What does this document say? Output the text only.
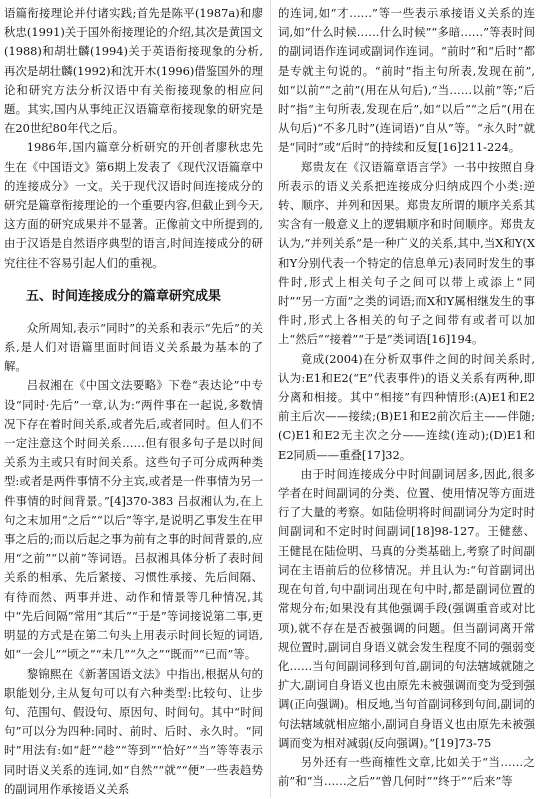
语篇衔接理论并付诸实践;首先是陈平(1987a)和廖秋忠(1991)关于国外衔接理论的介绍,其次是黄国文(1988)和胡壮麟(1994)关于英语衔接现象的分析,再次是胡壮麟(1992)和沈开木(1996)借鉴国外的理论和研究方法分析汉语中有关衔接现象的相应问题。其实,国内从事纯正汉语篇章衔接现象的研究是在20世纪80年代之后。

1986年,国内篇章分析研究的开创者廖秋忠先生在《中国语文》第6期上发表了《现代汉语篇章中的连接成分》一文。关于现代汉语时间连接成分的研究是篇章衔接理论的一个重要内容,但截止到今天,这方面的研究成果并不显著。正像前文中所提到的,由于汉语是自然语序典型的语言,时间连接成分的研究往往不容易引起人们的重视。

五、时间连接成分的篇章研究成果

众所周知,表示“同时”的关系和表示“先后”的关系,是人们对语篇里面时间语义关系最为基本的了解。

吕叔湘在《中国文法要略》下卷“表达论”中专设“同时·先后”一章,认为:“两件事在一起说,多数情况下存在着时间关系,或者先后,或者同时。但人们不一定注意这个时间关系……但有很多句子是以时间关系为主或只有时间关系。这些句子可分成两种类型:或者是两件事情不分主宾,或者是一件事情为另一件事情的时间背景。”[4]370-383 吕叔湘认为,在上句之末加用“之后”“以后”等字,是说明乙事发生在甲事之后的;而以后起之事为前有之事的时间背景的,应用“之前”“以前”等词语。吕叔湘具体分析了表时间关系的相承、先后紧接、习惯性承接、先后间隔、有待而然、两事并进、动作和情景等几种情况,其中“先后间隔”常用“其后”“于是”等词接说第二事,更明显的方式是在第二句头上用表示时间长短的词语,如“一会儿”“顷之”“未几”“久之”“既而”“已而”等。

黎锦熙在《新著国语文法》中指出,根据从句的职能划分,主从复句可以有六种类型:比较句、让步句、范围句、假设句、原因句、时间句。其中“时间句”可以分为四种:同时、前时、后时、永久时。“同时”用法有:如“赶”“趁”“等到”“恰好”“当”等等表示同时语义关系的连词,如“自然”“就”“便”一些表趋势的副词用作承接语义关系

的连词,如“才……”等一些表示承接语义关系的连词,如“什么时候……什么时候”“多暗……”等表时间的副词语作连词或副词作连词。“前时”和“后时”都是专就主句说的。“前时”指主句所表,发现在前”,如“以前”“之前”(用在从句后),“当……以前”等;“后时”指“主句所表,发现在后”,如“以后”“之后”(用在从句后)“不多几时”(连词语)“自从”等。“永久时”就是“同时”或“后时”的持续和反复[16]211-224。

郑贵友在《汉语篇章语言学》一书中按照自身所表示的语义关系把连接成分归纳成四个小类:逆转、顺序、并列和因果。郑贵友所谓的顺序关系其实含有一般意义上的逻辑顺序和时间顺序。郑贵友认为,“并列关系”是一种广义的关系,其中,当X和Y(X和Y分别代表一个特定的信息单元)表同时发生的事件时,形式上相关句子之间可以带上或添上“同时”“另一方面”之类的词语;而X和Y属相继发生的事件时,形式上各相关的句子之间带有或者可以加上“然后”“接着”“于是”类词语[16]194。

竟成(2004)在分析双事件之间的时间关系时,认为:E1和E2(“E”代表事件)的语义关系有两种,即分离和相接。其中“相接”有四种情形:(A)E1和E2前主后次——接续;(B)E1和E2前次后主——伴随;(C)E1和E2无主次之分——连续(连动);(D)E1和E2同质——重叠[17]32。

由于时间连接成分中时间副词居多,因此,很多学者在时间副词的分类、位置、使用情况等方面进行了大量的考察。如陆俭明将时间副词分为定时时间副词和不定时时间副词[18]98-127。王健慈、王健昆在陆俭明、马真的分类基础上,考察了时间副词在主语前后的位移情况。并且认为:“句首副词出现在句首,句中副词出现在句中时,都是副词位置的常规分布;如果没有其他强调手段(强调重音或对比项),就不存在是否被强调的问题。但当副词离开常规位置时,副词自身语义就会发生程度不同的强弱变化……当句间副词移到句首,副词的句法辖域就随之扩大,副词自身语义也由原先未被强调而变为受到强调(正向强调)。相反地,当句首副词移到句间,副词的句法辖域就相应缩小,副词自身语义也由原先未被强调而变为相对减弱(反向强调)。”[19]73-75

另外还有一些商榷性文章,比如关于“当……之前”和“当……之后”“曾几何时”“终于”“后来”等
